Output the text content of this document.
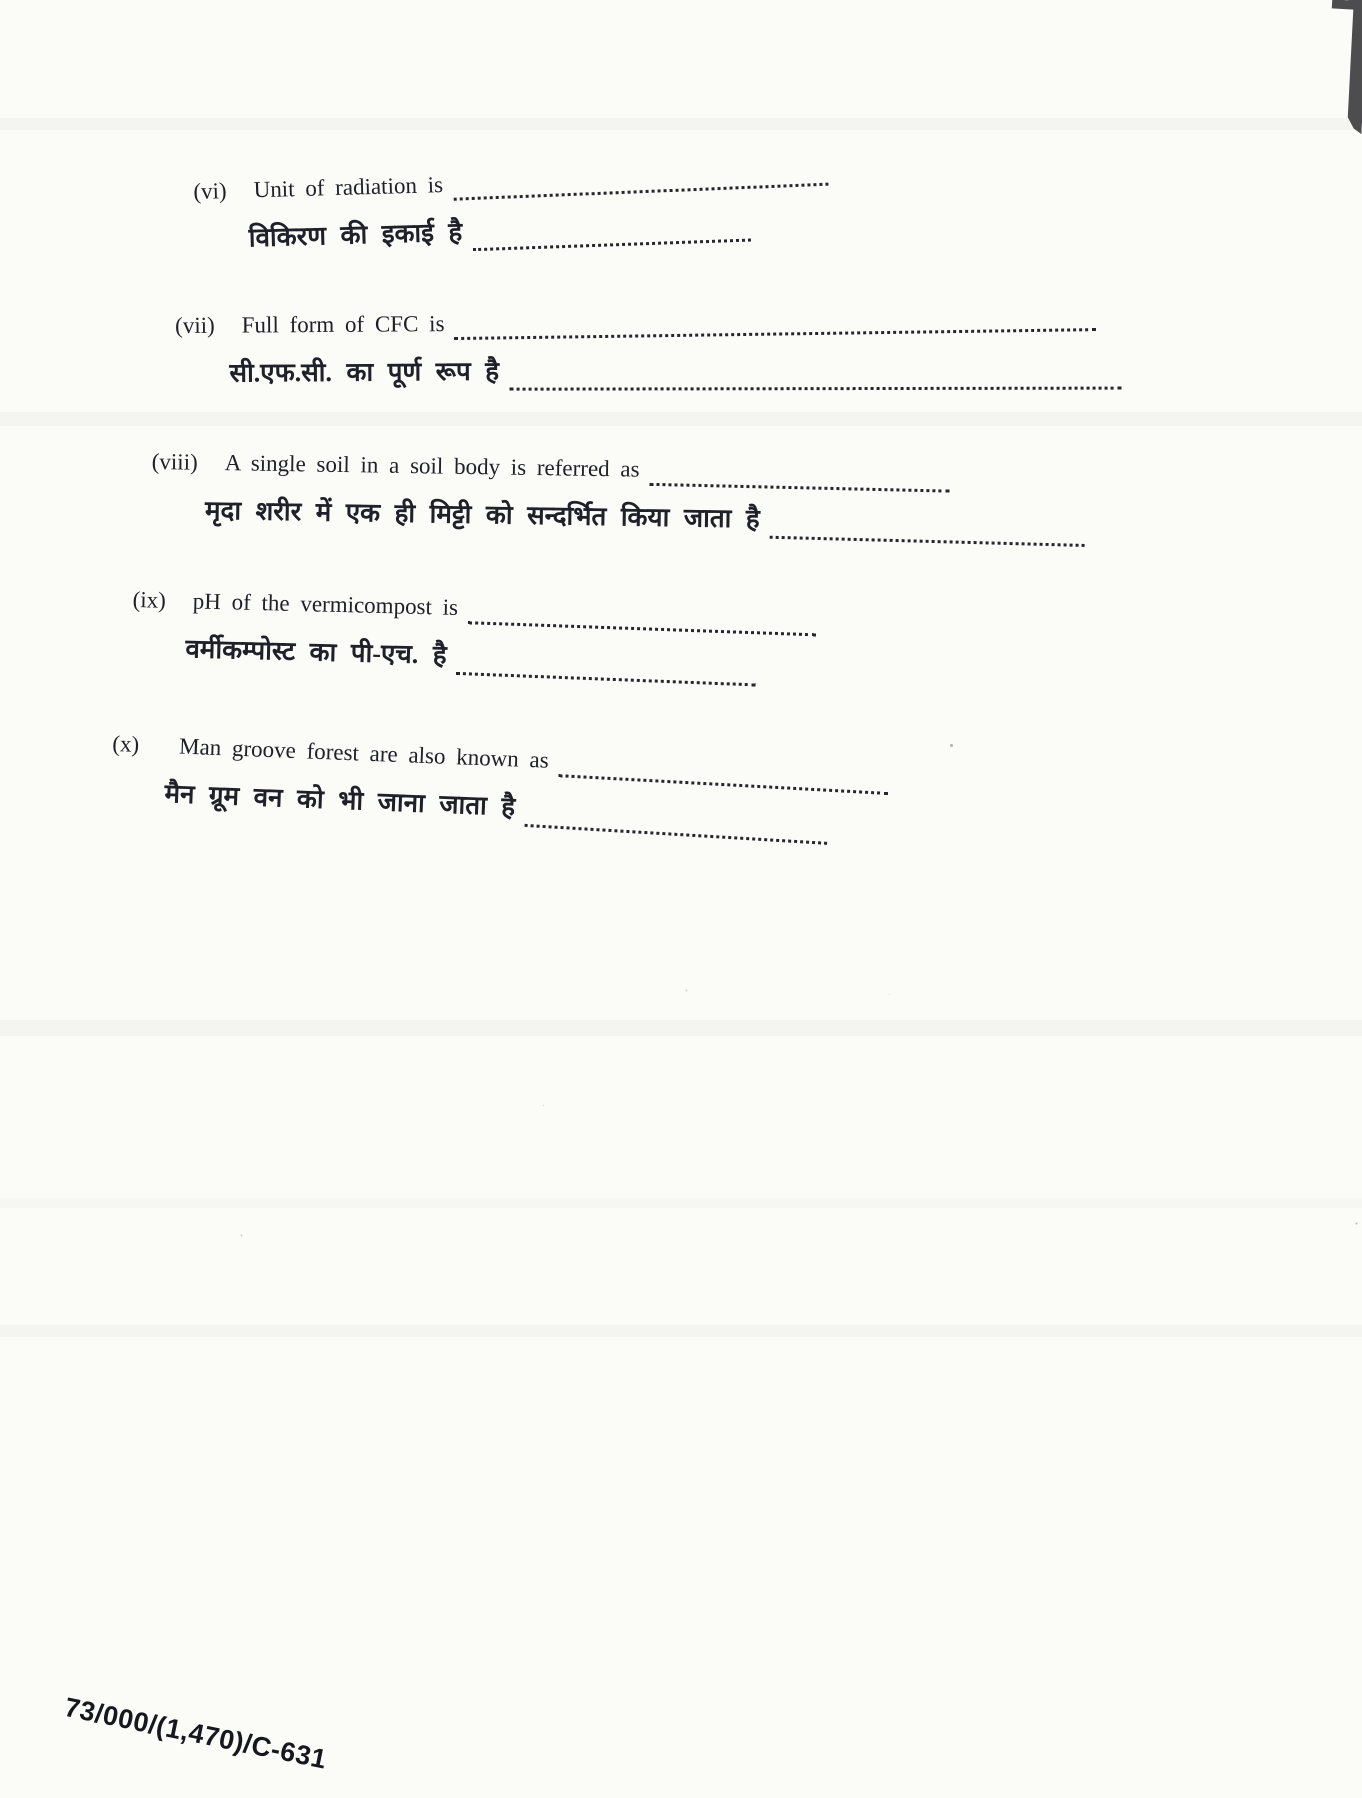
(vi) Unit of radiation is
विकिरण की इकाई है
(vii) Full form of CFC is
सी.एफ.सी. का पूर्ण रूप है
(viii) A single soil in a soil body is referred as
मृदा शरीर में एक ही मिट्टी को सन्दर्भित किया जाता है
(ix) pH of the vermicompost is
वर्मीकम्पोस्ट का पी-एच. है
(x) Man groove forest are also known as
मैन ग्रूम वन को भी जाना जाता है
73/000/(1,470)/C-631
